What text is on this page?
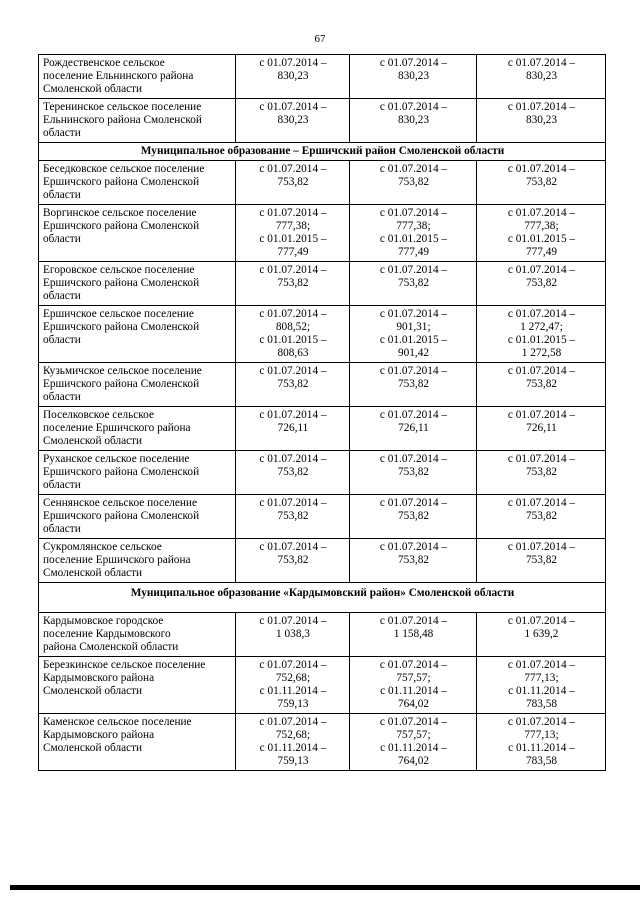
67
Рождественское сельское
поселение Ельнинского района
Смоленской области	с 01.07.2014 –
830,23	с 01.07.2014 –
830,23	с 01.07.2014 –
830,23

Теренинское сельское поселение
Ельнинского района Смоленской
области	с 01.07.2014 –
830,23	с 01.07.2014 –
830,23	с 01.07.2014 –
830,23

Муниципальное образование – Ершичский район Смоленской области			

Беседковское сельское поселение
Ершичского района Смоленской
области	с 01.07.2014 –
753,82	с 01.07.2014 –
753,82	с 01.07.2014 –
753,82

Воргинское сельское поселение
Ершичского района Смоленской
области	с 01.07.2014 –
777,38;
с 01.01.2015 –
777,49	с 01.07.2014 –
777,38;
с 01.01.2015 –
777,49	с 01.07.2014 –
777,38;
с 01.01.2015 –
777,49

Егоровское сельское поселение
Ершичского района Смоленской
области	с 01.07.2014 –
753,82	с 01.07.2014 –
753,82	с 01.07.2014 –
753,82

Ершичское сельское поселение
Ершичского района Смоленской
области	с 01.07.2014 –
808,52;
с 01.01.2015 –
808,63	с 01.07.2014 –
901,31;
с 01.01.2015 –
901,42	с 01.07.2014 –
1 272,47;
с 01.01.2015 –
1 272,58

Кузьмичское сельское поселение
Ершичского района Смоленской
области	с 01.07.2014 –
753,82	с 01.07.2014 –
753,82	с 01.07.2014 –
753,82

Поселковское сельское
поселение Ершичского района
Смоленской области	с 01.07.2014 –
726,11	с 01.07.2014 –
726,11	с 01.07.2014 –
726,11

Руханское сельское поселение
Ершичского района Смоленской
области	с 01.07.2014 –
753,82	с 01.07.2014 –
753,82	с 01.07.2014 –
753,82

Сеннянское сельское поселение
Ершичского района Смоленской
области	с 01.07.2014 –
753,82	с 01.07.2014 –
753,82	с 01.07.2014 –
753,82

Сукромлянское сельское
поселение Ершичского района
Смоленской области	с 01.07.2014 –
753,82	с 01.07.2014 –
753,82	с 01.07.2014 –
753,82

Муниципальное образование «Кардымовский район» Смоленской области			

Кардымовское городское
поселение Кардымовского
района Смоленской области	с 01.07.2014 –
1 038,3	с 01.07.2014 –
1 158,48	с 01.07.2014 –
1 639,2

Березкинское сельское поселение
Кардымовского района
Смоленской области	с 01.07.2014 –
752,68;
с 01.11.2014 –
759,13	с 01.07.2014 –
757,57;
с 01.11.2014 –
764,02	с 01.07.2014 –
777,13;
с 01.11.2014 –
783,58

Каменское сельское поселение
Кардымовского района
Смоленской области	с 01.07.2014 –
752,68;
с 01.11.2014 –
759,13	с 01.07.2014 –
757,57;
с 01.11.2014 –
764,02	с 01.07.2014 –
777,13;
с 01.11.2014 –
783,58
